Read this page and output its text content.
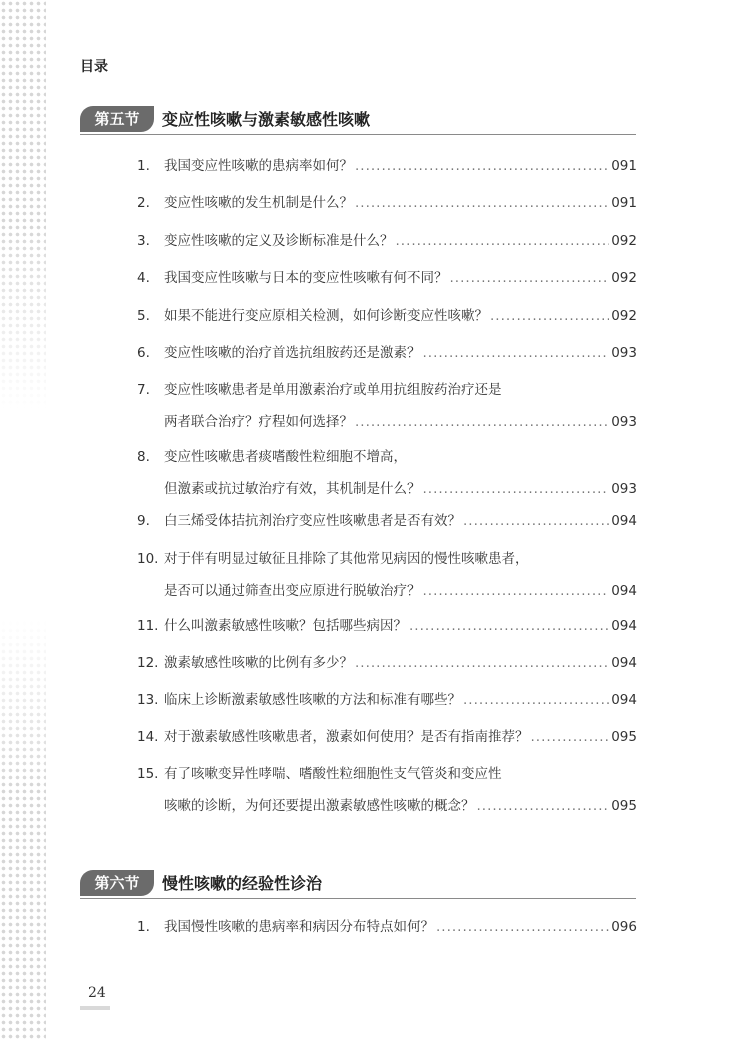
目录
第五节	变应性咳嗽与激素敏感性咳嗽
1.	我国变应性咳嗽的患病率如何？ .....	091
2.	变应性咳嗽的发生机制是什么？ .....	091
3.	变应性咳嗽的定义及诊断标准是什么？ .....	092
4.	我国变应性咳嗽与日本的变应性咳嗽有何不同？ .....	092
5.	如果不能进行变应原相关检测，如何诊断变应性咳嗽？ .....	092
6.	变应性咳嗽的治疗首选抗组胺药还是激素？ .....	093
7.	变应性咳嗽患者是单用激素治疗或单用抗组胺药治疗还是
两者联合治疗？疗程如何选择？ .....	093
8.	变应性咳嗽患者痰嗜酸性粒细胞不增高，
但激素或抗过敏治疗有效，其机制是什么？ .....	093
9.	白三烯受体拮抗剂治疗变应性咳嗽患者是否有效？ .....	094
10. 对于伴有明显过敏征且排除了其他常见病因的慢性咳嗽患者，
是否可以通过筛查出变应原进行脱敏治疗？ .....	094
11. 什么叫激素敏感性咳嗽？包括哪些病因？ .....	094
12. 激素敏感性咳嗽的比例有多少？ .....	094
13. 临床上诊断激素敏感性咳嗽的方法和标准有哪些？ .....	094
14. 对于激素敏感性咳嗽患者，激素如何使用？是否有指南推荐？ .....	095
15. 有了咳嗽变异性哮喘、嗜酸性粒细胞性支气管炎和变应性
咳嗽的诊断，为何还要提出激素敏感性咳嗽的概念？ .....	095
第六节	慢性咳嗽的经验性诊治
1.	我国慢性咳嗽的患病率和病因分布特点如何？ .....	096
24
